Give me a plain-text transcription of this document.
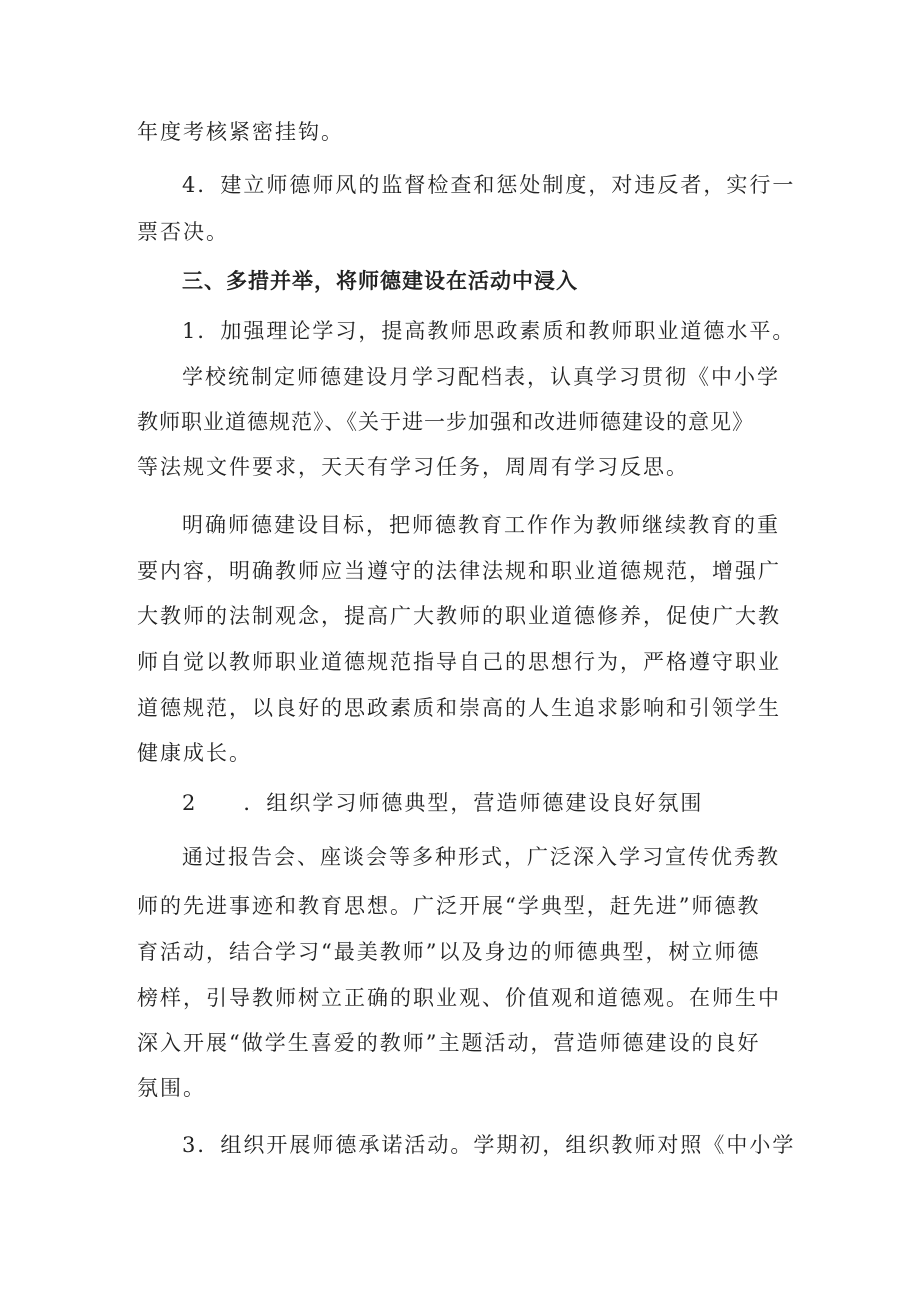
年度考核紧密挂钩。
4．建立师德师风的监督检查和惩处制度，对违反者，实行一
票否决。
三、多措并举，将师德建设在活动中浸入
1．加强理论学习，提高教师思政素质和教师职业道德水平。
学校统制定师德建设月学习配档表，认真学习贯彻《中小学
教师职业道德规范》、《关于进一步加强和改进师德建设的意见》
等法规文件要求，天天有学习任务，周周有学习反思。
明确师德建设目标，把师德教育工作作为教师继续教育的重
要内容，明确教师应当遵守的法律法规和职业道德规范，增强广
大教师的法制观念，提高广大教师的职业道德修养，促使广大教
师自觉以教师职业道德规范指导自己的思想行为，严格遵守职业
道德规范，以良好的思政素质和崇高的人生追求影响和引领学生
健康成长。
2　　．组织学习师德典型，营造师德建设良好氛围
通过报告会、座谈会等多种形式，广泛深入学习宣传优秀教
师的先进事迹和教育思想。广泛开展“学典型，赶先进”师德教
育活动，结合学习“最美教师”以及身边的师德典型，树立师德
榜样，引导教师树立正确的职业观、价值观和道德观。在师生中
深入开展“做学生喜爱的教师”主题活动，营造师德建设的良好
氛围。
3．组织开展师德承诺活动。学期初，组织教师对照《中小学
